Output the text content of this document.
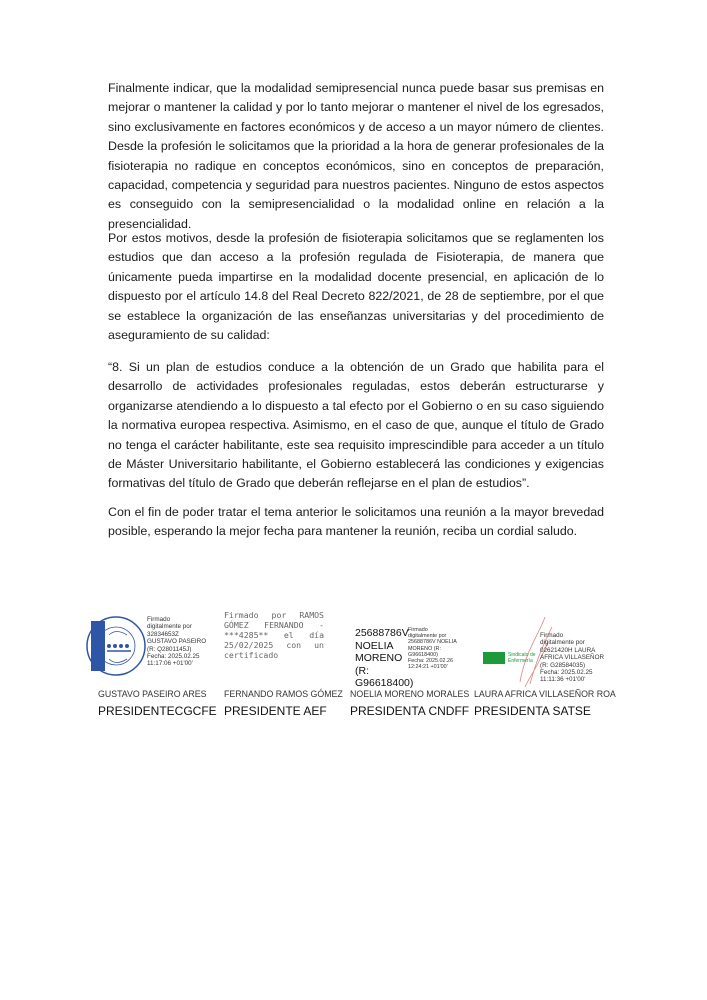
Finalmente indicar, que la modalidad semipresencial nunca puede basar sus premisas en mejorar o mantener la calidad y por lo tanto mejorar o mantener el nivel de los egresados, sino exclusivamente en factores económicos y de acceso a un mayor número de clientes. Desde la profesión le solicitamos que la prioridad a la hora de generar profesionales de la fisioterapia no radique en conceptos económicos, sino en conceptos de preparación, capacidad, competencia y seguridad para nuestros pacientes. Ninguno de estos aspectos es conseguido con la semipresencialidad o la modalidad online en relación a la presencialidad.

Por estos motivos, desde la profesión de fisioterapia solicitamos que se reglamenten los estudios que dan acceso a la profesión regulada de Fisioterapia, de manera que únicamente pueda impartirse en la modalidad docente presencial, en aplicación de lo dispuesto por el artículo 14.8 del Real Decreto 822/2021, de 28 de septiembre, por el que se establece la organización de las enseñanzas universitarias y del procedimiento de aseguramiento de su calidad:

“8. Si un plan de estudios conduce a la obtención de un Grado que habilita para el desarrollo de actividades profesionales reguladas, estos deberán estructurarse y organizarse atendiendo a lo dispuesto a tal efecto por el Gobierno o en su caso siguiendo la normativa europea respectiva. Asimismo, en el caso de que, aunque el título de Grado no tenga el carácter habilitante, este sea requisito imprescindible para acceder a un título de Máster Universitario habilitante, el Gobierno establecerá las condiciones y exigencias formativas del título de Grado que deberán reflejarse en el plan de estudios”.

Con el fin de poder tratar el tema anterior le solicitamos una reunión a la mayor brevedad posible, esperando la mejor fecha para mantener la reunión, reciba un cordial saludo.

Firmado
digitalmente por
32834653Z
GUSTAVO PASEIRO
(R: Q2801145J)
Fecha: 2025.02.25
11:17:06 +01'00'
Firmado por RAMOS GÓMEZ FERNANDO - ***4285** el día 25/02/2025 con un certificado
25688786V
NOELIA
MORENO (R:
G96618400)
Firmado
digitalmente por
25688786V NOELIA
MORENO (R:
G96618400)
Fecha: 2025.02.26
12:24:21 +01'00'
Sindicato de Enfermería
Firmado
digitalmente por
02621420H LAURA
AFRICA VILLASEÑOR
(R: G28584035)
Fecha: 2025.02.25
11:11:36 +01'00'
GUSTAVO PASEIRO ARES FERNANDO RAMOS GÓMEZ NOELIA MORENO MORALES LAURA AFRICA VILLASEÑOR ROA
PRESIDENTECGCFE PRESIDENTE AEF PRESIDENTA CNDFF PRESIDENTA SATSE
